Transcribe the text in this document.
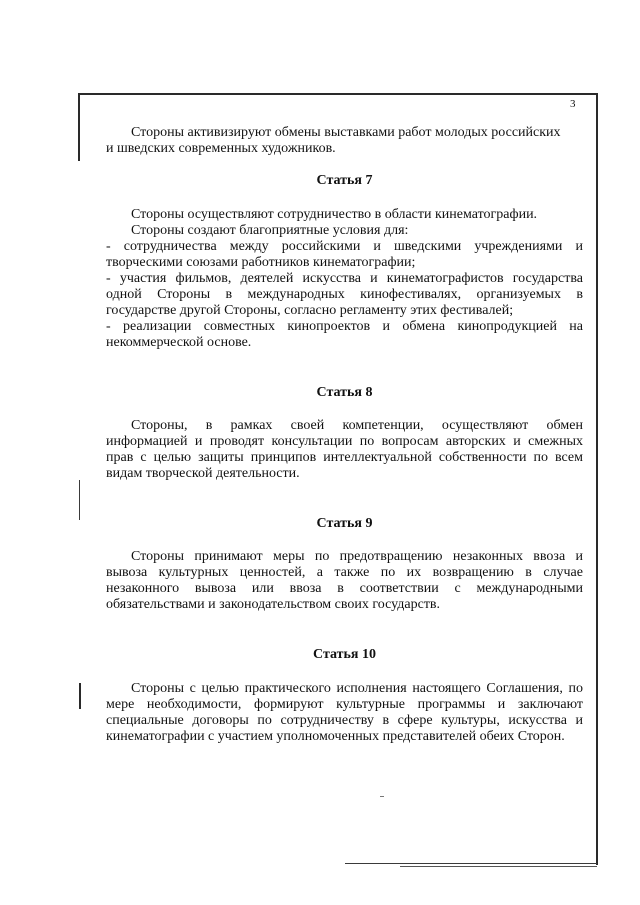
3
Стороны активизируют обмены выставками работ молодых российских
и шведских современных художников.
Статья 7
Стороны осуществляют сотрудничество в области кинематографии.
Стороны создают благоприятные условия для:
- сотрудничества между российскими и шведскими учреждениями и
творческими союзами работников кинематографии;
- участия фильмов, деятелей искусства и кинематографистов государства
одной Стороны в международных кинофестивалях, организуемых в
государстве другой Стороны, согласно регламенту этих фестивалей;
- реализации совместных кинопроектов и обмена кинопродукцией на
некоммерческой основе.
Статья 8
Стороны, в рамках своей компетенции, осуществляют обмен
информацией и проводят консультации по вопросам авторских и смежных
прав с целью защиты принципов интеллектуальной собственности по всем
видам творческой деятельности.
Статья 9
Стороны принимают меры по предотвращению незаконных ввоза и
вывоза культурных ценностей, а также по их возвращению в случае
незаконного вывоза или ввоза в соответствии с международными
обязательствами и законодательством своих государств.
Статья 10
Стороны с целью практического исполнения настоящего Соглашения, по
мере необходимости, формируют культурные программы и заключают
специальные договоры по сотрудничеству в сфере культуры, искусства и
кинематографии с участием уполномоченных представителей обеих Сторон.
